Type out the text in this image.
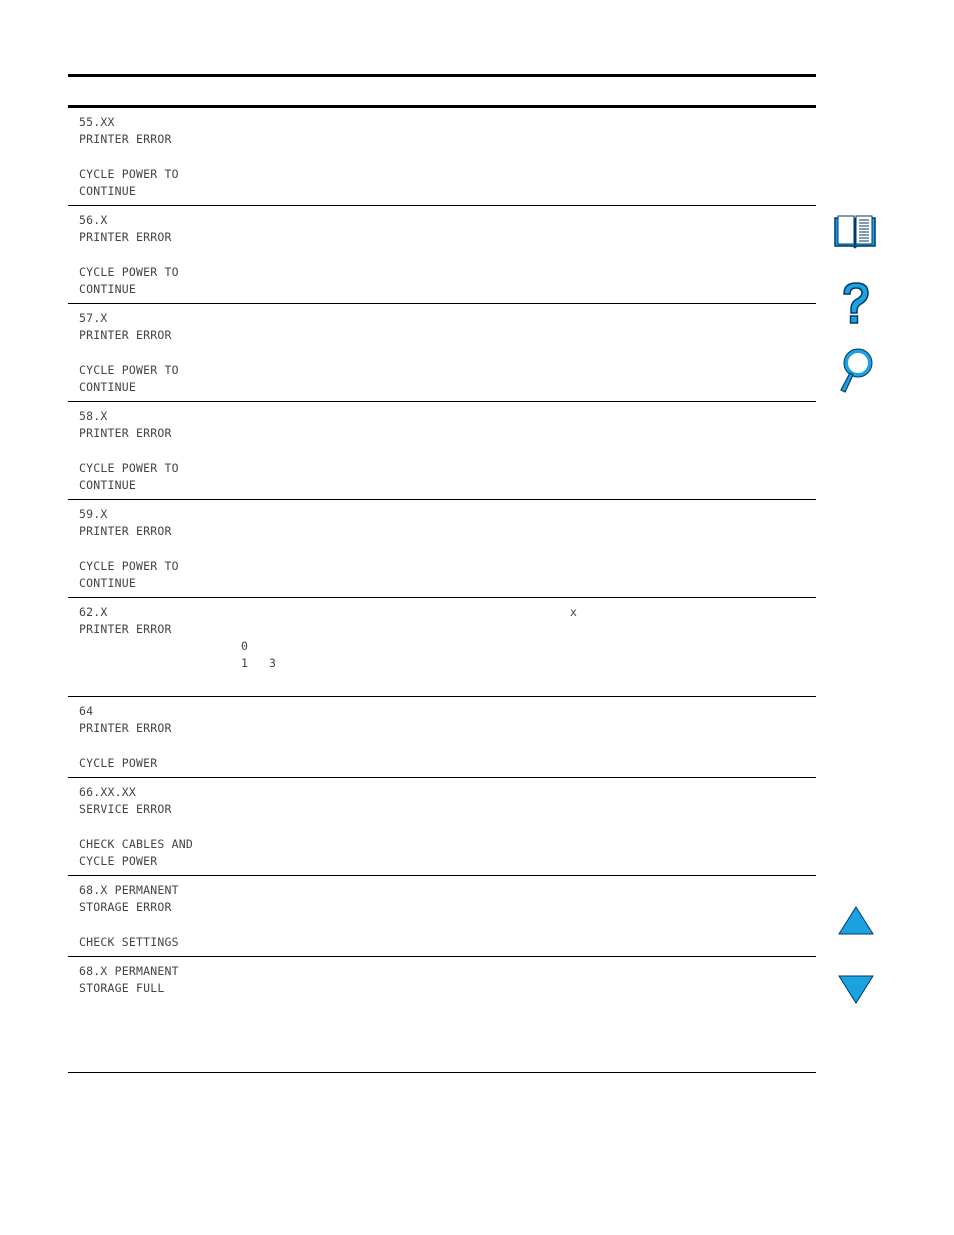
55.XX
PRINTER ERROR

CYCLE POWER TO
CONTINUE
56.X
PRINTER ERROR

CYCLE POWER TO
CONTINUE
57.X
PRINTER ERROR

CYCLE POWER TO
CONTINUE
58.X
PRINTER ERROR

CYCLE POWER TO
CONTINUE
59.X
PRINTER ERROR

CYCLE POWER TO
CONTINUE
62.X
PRINTER ERROR
x
0
1 3
64
PRINTER ERROR

CYCLE POWER
66.XX.XX
SERVICE ERROR

CHECK CABLES AND
CYCLE POWER
68.X PERMANENT
STORAGE ERROR

CHECK SETTINGS
68.X PERMANENT
STORAGE FULL
